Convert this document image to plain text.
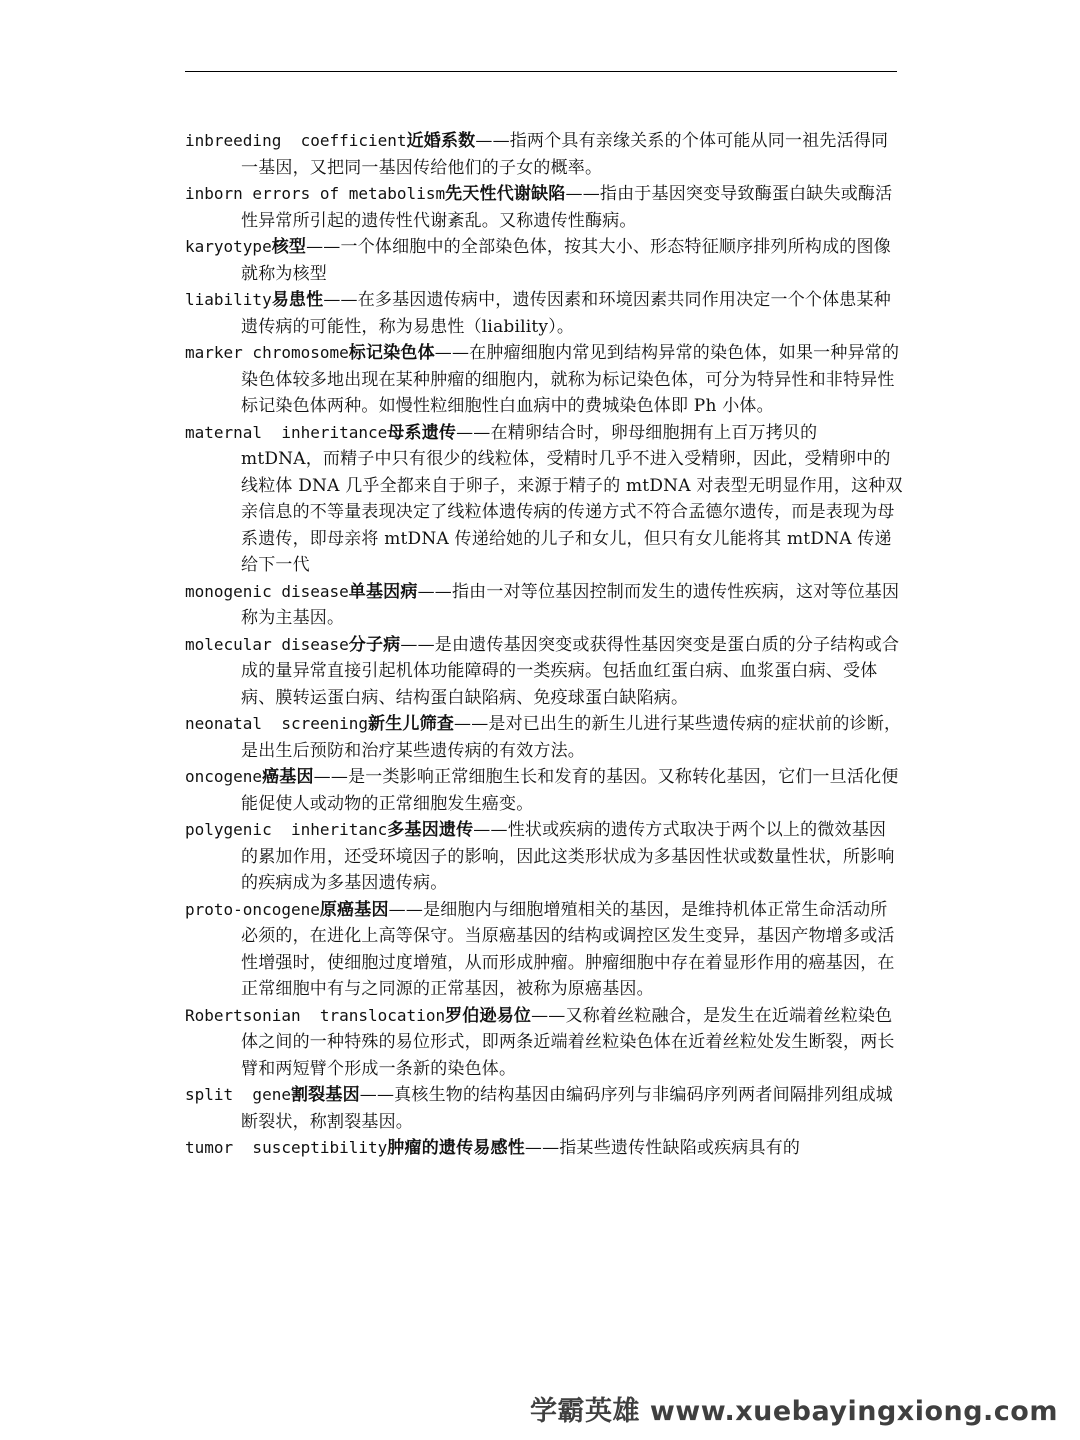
inbreeding  coefficient近婚系数——指两个具有亲缘关系的个体可能从同一祖先活得同一基因，又把同一基因传给他们的子女的概率。

inborn errors of metabolism先天性代谢缺陷——指由于基因突变导致酶蛋白缺失或酶活性异常所引起的遗传性代谢紊乱。又称遗传性酶病。

karyotype核型——一个体细胞中的全部染色体，按其大小、形态特征顺序排列所构成的图像就称为核型

liability易患性——在多基因遗传病中，遗传因素和环境因素共同作用决定一个个体患某种遗传病的可能性，称为易患性（liability）。

marker chromosome标记染色体——在肿瘤细胞内常见到结构异常的染色体，如果一种异常的染色体较多地出现在某种肿瘤的细胞内，就称为标记染色体，可分为特异性和非特异性标记染色体两种。如慢性粒细胞性白血病中的费城染色体即 Ph 小体。

maternal  inheritance母系遗传——在精卵结合时，卵母细胞拥有上百万拷贝的 mtDNA，而精子中只有很少的线粒体，受精时几乎不进入受精卵，因此，受精卵中的线粒体 DNA 几乎全都来自于卵子，来源于精子的 mtDNA 对表型无明显作用，这种双亲信息的不等量表现决定了线粒体遗传病的传递方式不符合孟德尔遗传，而是表现为母系遗传，即母亲将 mtDNA 传递给她的儿子和女儿，但只有女儿能将其 mtDNA 传递给下一代

monogenic disease单基因病——指由一对等位基因控制而发生的遗传性疾病，这对等位基因称为主基因。

molecular disease分子病——是由遗传基因突变或获得性基因突变是蛋白质的分子结构或合成的量异常直接引起机体功能障碍的一类疾病。包括血红蛋白病、血浆蛋白病、受体病、膜转运蛋白病、结构蛋白缺陷病、免疫球蛋白缺陷病。

neonatal  screening新生儿筛查——是对已出生的新生儿进行某些遗传病的症状前的诊断，是出生后预防和治疗某些遗传病的有效方法。

oncogene癌基因——是一类影响正常细胞生长和发育的基因。又称转化基因，它们一旦活化便能促使人或动物的正常细胞发生癌变。

polygenic  inheritanc多基因遗传——性状或疾病的遗传方式取决于两个以上的微效基因的累加作用，还受环境因子的影响，因此这类形状成为多基因性状或数量性状，所影响的疾病成为多基因遗传病。

proto-oncogene原癌基因——是细胞内与细胞增殖相关的基因，是维持机体正常生命活动所必须的，在进化上高等保守。当原癌基因的结构或调控区发生变异，基因产物增多或活性增强时，使细胞过度增殖，从而形成肿瘤。肿瘤细胞中存在着显形作用的癌基因，在正常细胞中有与之同源的正常基因，被称为原癌基因。

Robertsonian  translocation罗伯逊易位——又称着丝粒融合，是发生在近端着丝粒染色体之间的一种特殊的易位形式，即两条近端着丝粒染色体在近着丝粒处发生断裂，两长臂和两短臂个形成一条新的染色体。

split  gene割裂基因——真核生物的结构基因由编码序列与非编码序列两者间隔排列组成城断裂状，称割裂基因。

tumor  susceptibility肿瘤的遗传易感性——指某些遗传性缺陷或疾病具有的

学霸英雄 www.xuebayingxiong.com
